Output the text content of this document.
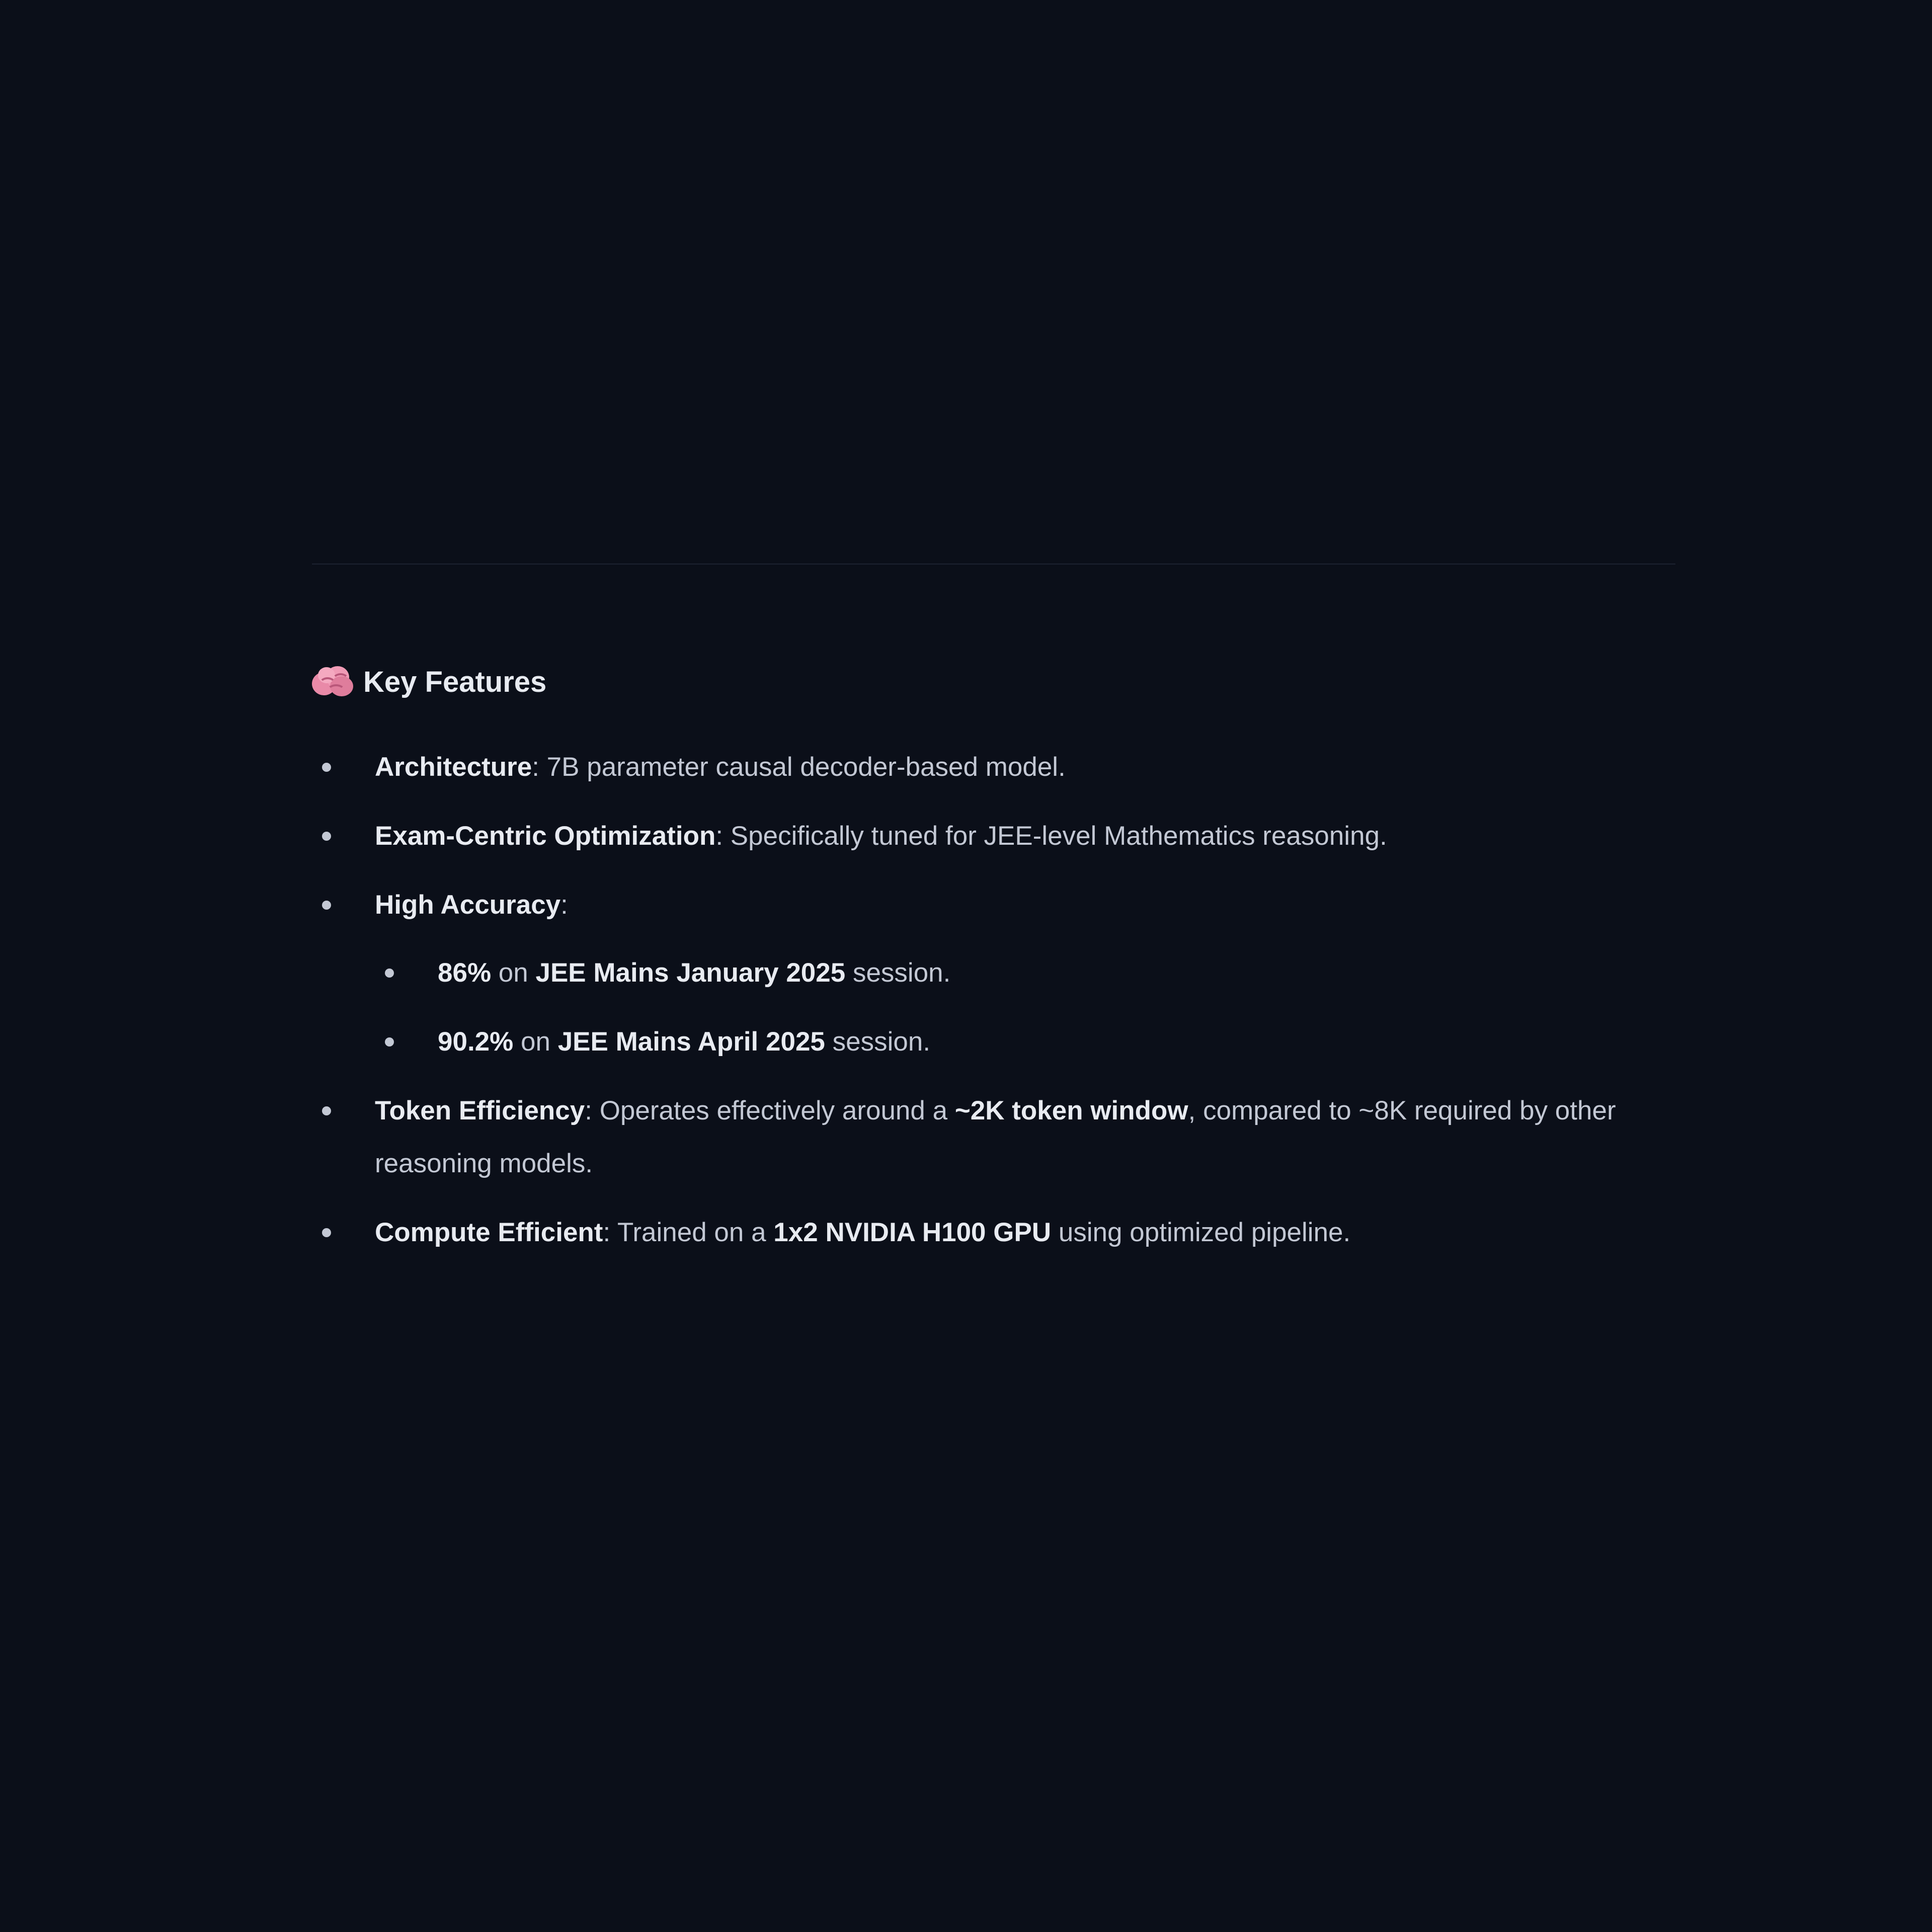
Key Features
Architecture: 7B parameter causal decoder-based model.
Exam-Centric Optimization: Specifically tuned for JEE-level Mathematics reasoning.
High Accuracy:
86% on JEE Mains January 2025 session.
90.2% on JEE Mains April 2025 session.
Token Efficiency: Operates effectively around a ~2K token window, compared to ~8K required by other reasoning models.
Compute Efficient: Trained on a 1x2 NVIDIA H100 GPU using optimized pipeline.
